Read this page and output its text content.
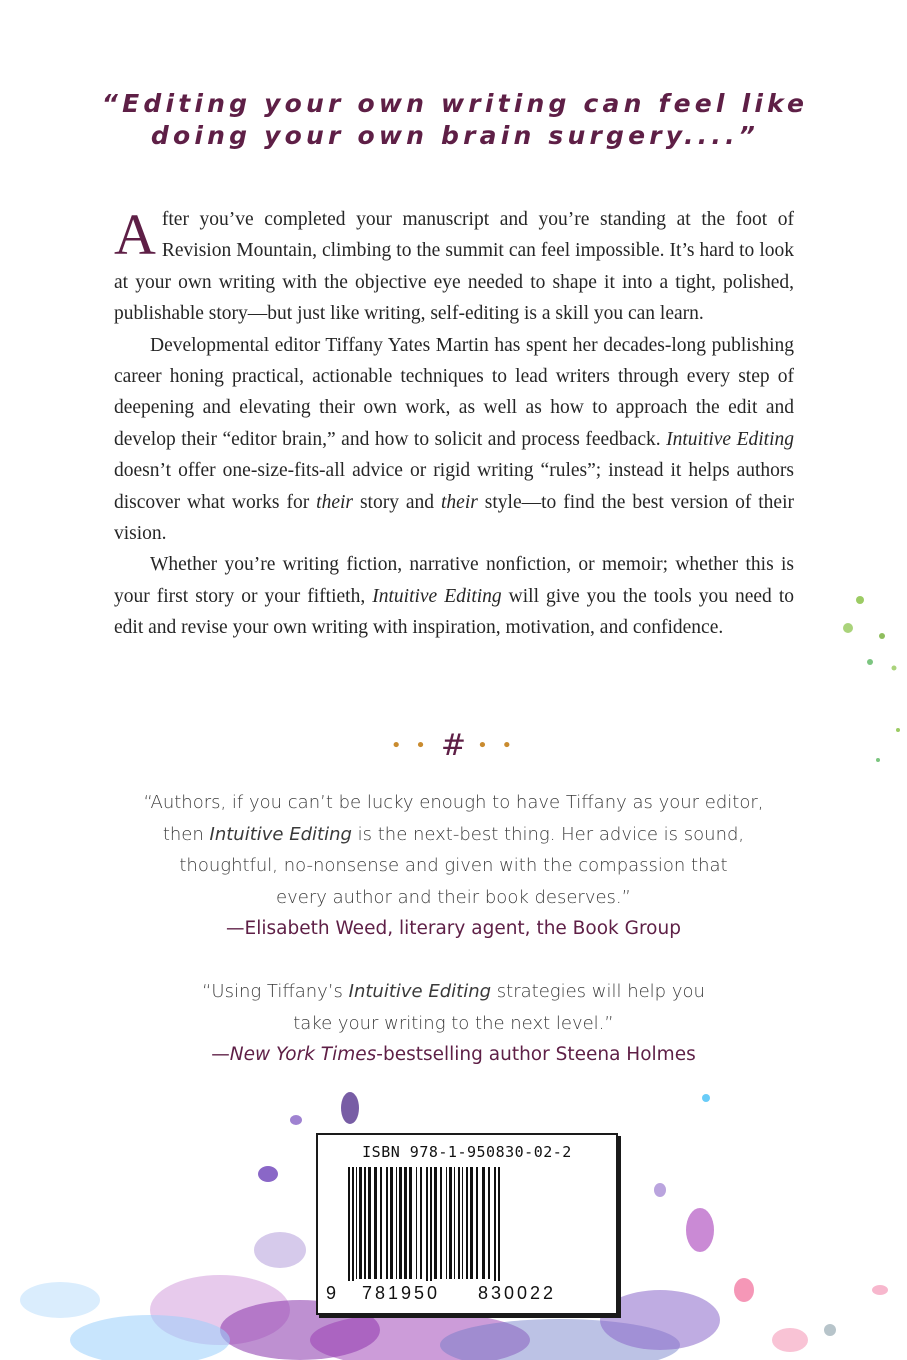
“Editing your own writing can feel like
doing your own brain surgery....”

After you’ve completed your manuscript and you’re standing at the foot of Revision Mountain, climbing to the summit can feel impossible. It’s hard to look at your own writing with the objective eye needed to shape it into a tight, polished, publishable story—but just like writing, self-editing is a skill you can learn.

Developmental editor Tiffany Yates Martin has spent her decades-long publishing career honing practical, actionable techniques to lead writers through every step of deepening and elevating their own work, as well as how to approach the edit and develop their “editor brain,” and how to solicit and process feedback. Intuitive Editing doesn’t offer one-size-fits-all advice or rigid writing “rules”; instead it helps authors discover what works for their story and their style—to find the best version of their vision.

Whether you’re writing fiction, narrative nonfiction, or memoir; whether this is your first story or your fiftieth, Intuitive Editing will give you the tools you need to edit and revise your own writing with inspiration, motivation, and confidence.

• • # • •
“Authors, if you can’t be lucky enough to have Tiffany as your editor,
then Intuitive Editing is the next-best thing. Her advice is sound,
thoughtful, no-nonsense and given with the compassion that
every author and their book deserves.”
—Elisabeth Weed, literary agent, the Book Group
“Using Tiffany’s Intuitive Editing strategies will help you
take your writing to the next level.”
—New York Times-bestselling author Steena Holmes
ISBN 978-1-950830-02-2
9 781950 830022
